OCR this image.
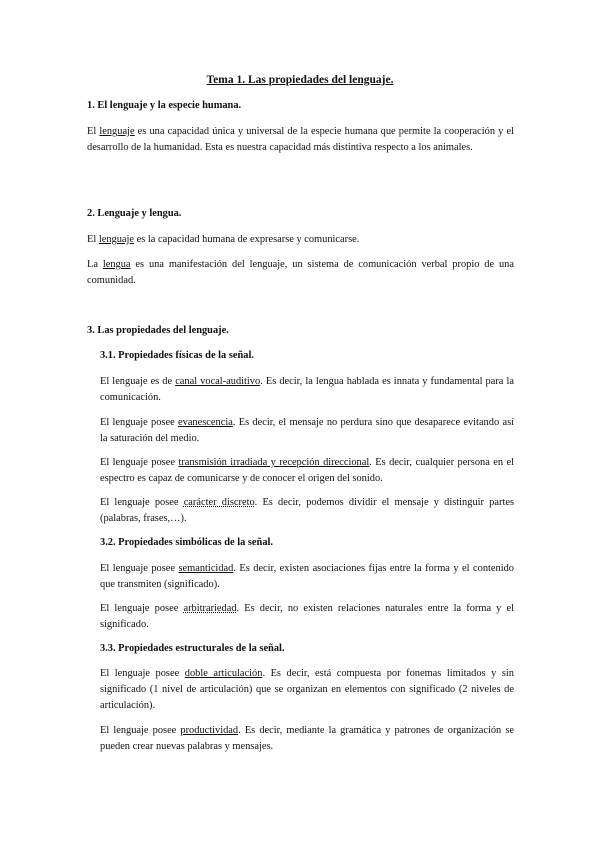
Tema 1. Las propiedades del lenguaje.
1. El lenguaje y la especie humana.
El lenguaje es una capacidad única y universal de la especie humana que permite la cooperación y el desarrollo de la humanidad. Esta es nuestra capacidad más distintiva respecto a los animales.
2. Lenguaje y lengua.
El lenguaje es la capacidad humana de expresarse y comunicarse.
La lengua es una manifestación del lenguaje, un sistema de comunicación verbal propio de una comunidad.
3. Las propiedades del lenguaje.
3.1. Propiedades físicas de la señal.
El lenguaje es de canal vocal-auditivo. Es decir, la lengua hablada es innata y fundamental para la comunicación.
El lenguaje posee evanescencia. Es decir, el mensaje no perdura sino que desaparece evitando así la saturación del medio.
El lenguaje posee transmisión irradiada y recepción direccional. Es decir, cualquier persona en el espectro es capaz de comunicarse y de conocer el origen del sonido.
El lenguaje posee carácter discreto. Es decir, podemos dividir el mensaje y distinguir partes (palabras, frases,…).
3.2. Propiedades simbólicas de la señal.
El lenguaje posee semanticidad. Es decir, existen asociaciones fijas entre la forma y el contenido que transmiten (significado).
El lenguaje posee arbitrariedad. Es decir, no existen relaciones naturales entre la forma y el significado.
3.3. Propiedades estructurales de la señal.
El lenguaje posee doble articulación. Es decir, está compuesta por fonemas limitados y sin significado (1 nivel de articulación) que se organizan en elementos con significado (2 niveles de articulación).
El lenguaje posee productividad. Es decir, mediante la gramática y patrones de organización se pueden crear nuevas palabras y mensajes.
